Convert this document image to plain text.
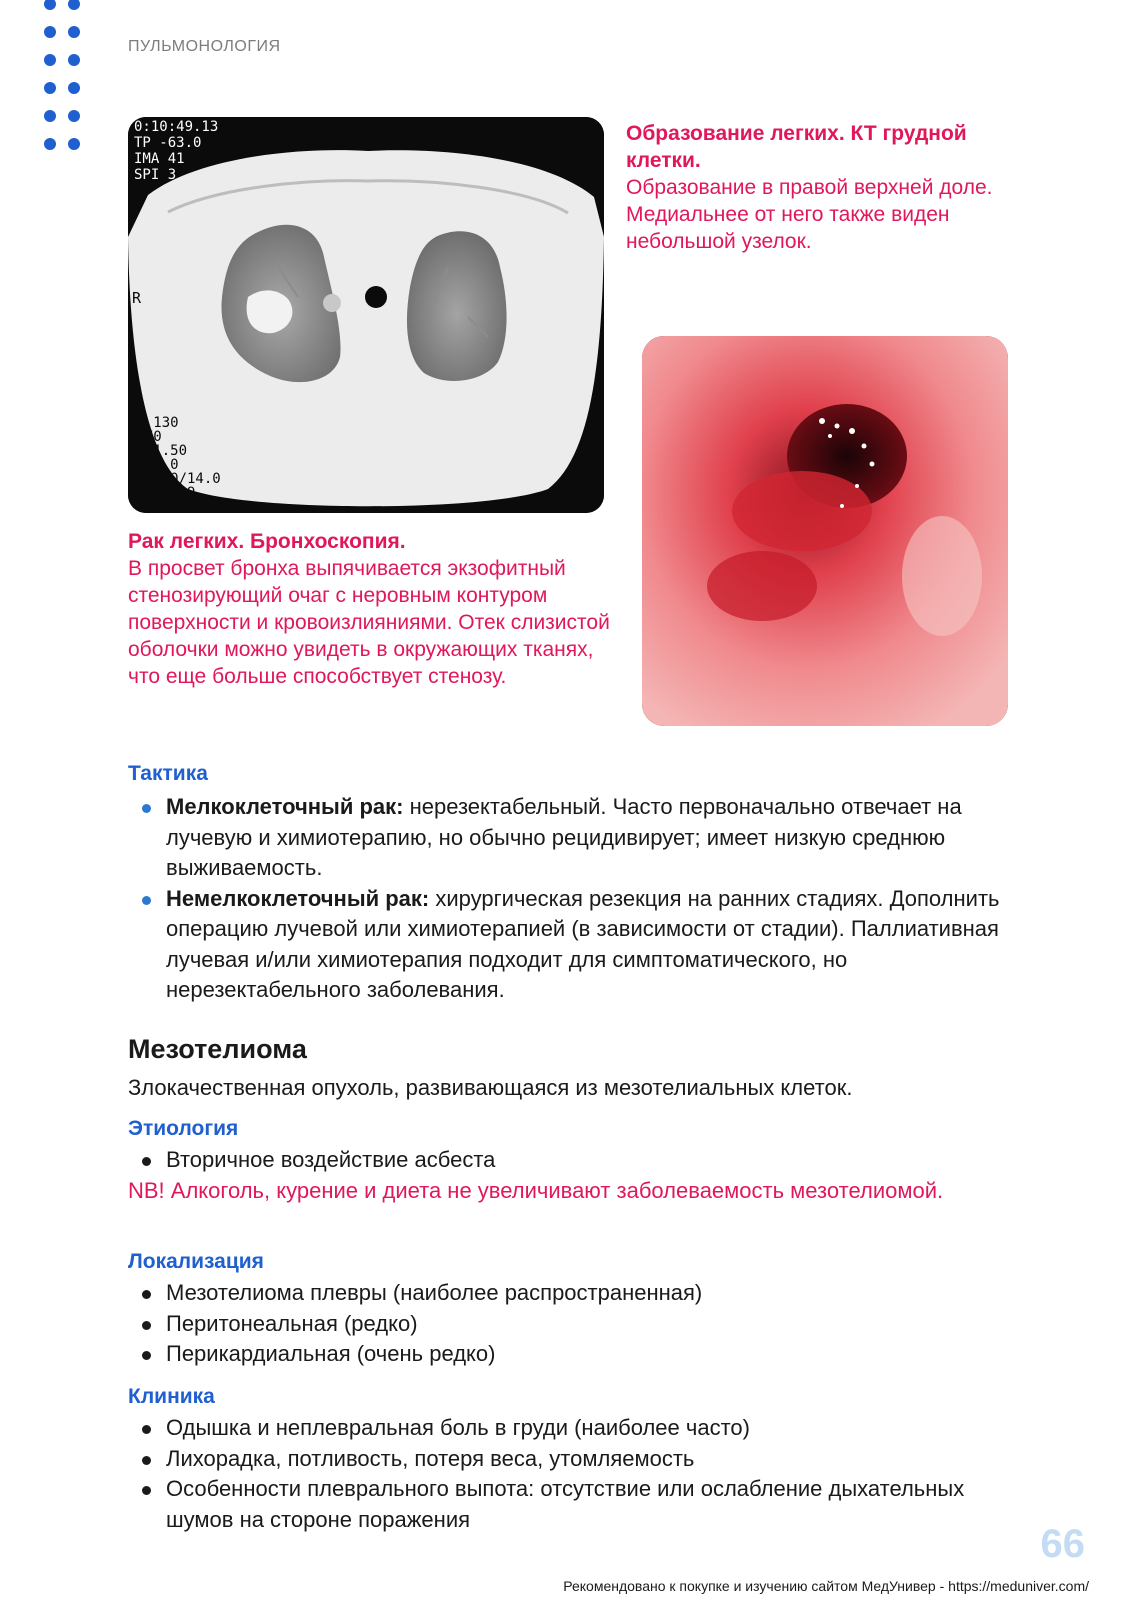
ПУЛЬМОНОЛОГИЯ
0:10:49.13
TP -63.0
IMA 41
SPI 3
R
KV 130
A 70
TI 1.50
GT 0.0
SL 8.0/14.0
11 -2/29
Образование легких. КТ грудной клетки.
Образование в правой верхней доле. Медиальнее от него также виден небольшой узелок.
Рак легких. Бронхоскопия.
В просвет бронха выпячивается экзофитный стенозирующий очаг с неровным контуром поверхности и кровоизлияниями. Отек слизистой оболочки можно увидеть в окружающих тканях, что еще больше способствует стенозу.
Тактика
Мелкоклеточный рак: нерезектабельный. Часто первоначально отвечает на лучевую и химиотерапию, но обычно рецидивирует; имеет низкую среднюю выживаемость.
Немелкоклеточный рак: хирургическая резекция на ранних стадиях. Дополнить операцию лучевой или химиотерапией (в зависимости от стадии). Паллиативная лучевая и/или химиотерапия подходит для симптоматического, но нерезектабельного заболевания.
Мезотелиома
Злокачественная опухоль, развивающаяся из мезотелиальных клеток.
Этиология
Вторичное воздействие асбеста
NB! Алкоголь, курение и диета не увеличивают заболеваемость мезотелиомой.
Локализация
Мезотелиома плевры (наиболее распространенная)
Перитонеальная (редко)
Перикардиальная (очень редко)
Клиника
Одышка и неплевральная боль в груди (наиболее часто)
Лихорадка, потливость, потеря веса, утомляемость
Особенности плеврального выпота: отсутствие или ослабление дыхательных шумов на стороне поражения
66
Рекомендовано к покупке и изучению сайтом МедУнивер - https://meduniver.com/
